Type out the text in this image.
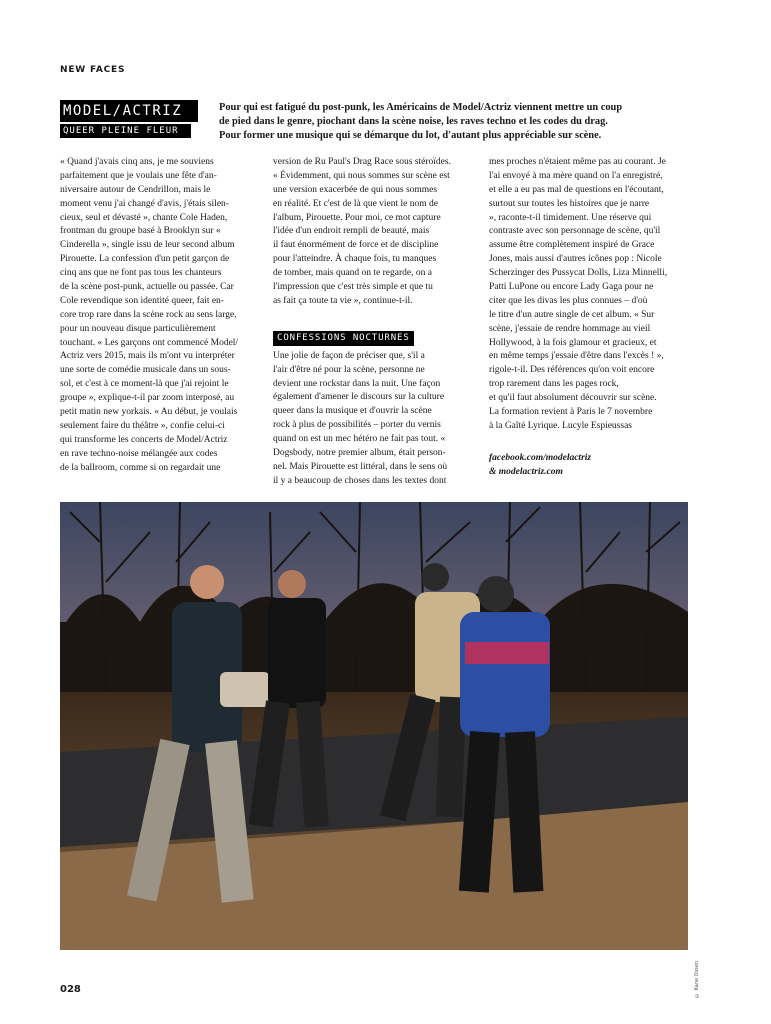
NEW FACES
MODEL/ACTRIZ
QUEER PLEINE FLEUR
Pour qui est fatigué du post-punk, les Américains de Model/Actriz viennent mettre un coup
de pied dans le genre, piochant dans la scène noise, les raves techno et les codes du drag.
Pour former une musique qui se démarque du lot, d'autant plus appréciable sur scène.
« Quand j'avais cinq ans, je me souviens
parfaitement que je voulais une fête d'an-
niversaire autour de Cendrillon, mais le
moment venu j'ai changé d'avis, j'étais silen-
cieux, seul et dévasté », chante Cole Haden,
frontman du groupe basé à Brooklyn sur «
Cinderella », single issu de leur second album
Pirouette. La confession d'un petit garçon de
cinq ans que ne font pas tous les chanteurs
de la scène post-punk, actuelle ou passée. Car
Cole revendique son identité queer, fait en-
core trop rare dans la scène rock au sens large,
pour un nouveau disque particulièrement
touchant. « Les garçons ont commencé Model/
Actriz vers 2015, mais ils m'ont vu interpréter
une sorte de comédie musicale dans un sous-
sol, et c'est à ce moment-là que j'ai rejoint le
groupe », explique-t-il par zoom interposé, au
petit matin new yorkais. « Au début, je voulais
seulement faire du théâtre », confie celui-ci
qui transforme les concerts de Model/Actriz
en rave techno-noise mélangée aux codes
de la ballroom, comme si on regardait une
version de Ru Paul's Drag Race sous stéroïdes.
« Évidemment, qui nous sommes sur scène est
une version exacerbée de qui nous sommes
en réalité. Et c'est de là que vient le nom de
l'album, Pirouette. Pour moi, ce mot capture
l'idée d'un endroit rempli de beauté, mais
il faut énormément de force et de discipline
pour l'atteindre. À chaque fois, tu manques
de tomber, mais quand on te regarde, on a
l'impression que c'est très simple et que tu
as fait ça toute ta vie », continue-t-il.
CONFESSIONS NOCTURNES
Une jolie de façon de préciser que, s'il a
l'air d'être né pour la scène, personne ne
devient une rockstar dans la nuit. Une façon
également d'amener le discours sur la culture
queer dans la musique et d'ouvrir la scène
rock à plus de possibilités – porter du vernis
quand on est un mec hétéro ne fait pas tout. «
Dogsbody, notre premier album, était person-
nel. Mais Pirouette est littéral, dans le sens où
il y a beaucoup de choses dans les textes dont
mes proches n'étaient même pas au courant. Je
l'ai envoyé à ma mère quand on l'a enregistré,
et elle a eu pas mal de questions en l'écoutant,
surtout sur toutes les histoires que je narre
», raconte-t-il timidement. Une réserve qui
contraste avec son personnage de scène, qu'il
assume être complètement inspiré de Grace
Jones, mais aussi d'autres icônes pop : Nicole
Scherzinger des Pussycat Dolls, Liza Minnelli,
Patti LuPone ou encore Lady Gaga pour ne
citer que les divas les plus connues – d'où
le titre d'un autre single de cet album. « Sur
scène, j'essaie de rendre hommage au vieil
Hollywood, à la fois glamour et gracieux, et
en même temps j'essaie d'être dans l'excès ! »,
rigole-t-il. Des références qu'on voit encore
trop rarement dans les pages rock,
et qu'il faut absolument découvrir sur scène.
La formation revient à Paris le 7 novembre
à la Gaîté Lyrique. Lucyle Espieussas
facebook.com/modelactriz
& modelactriz.com
© Kane Ossen
028
